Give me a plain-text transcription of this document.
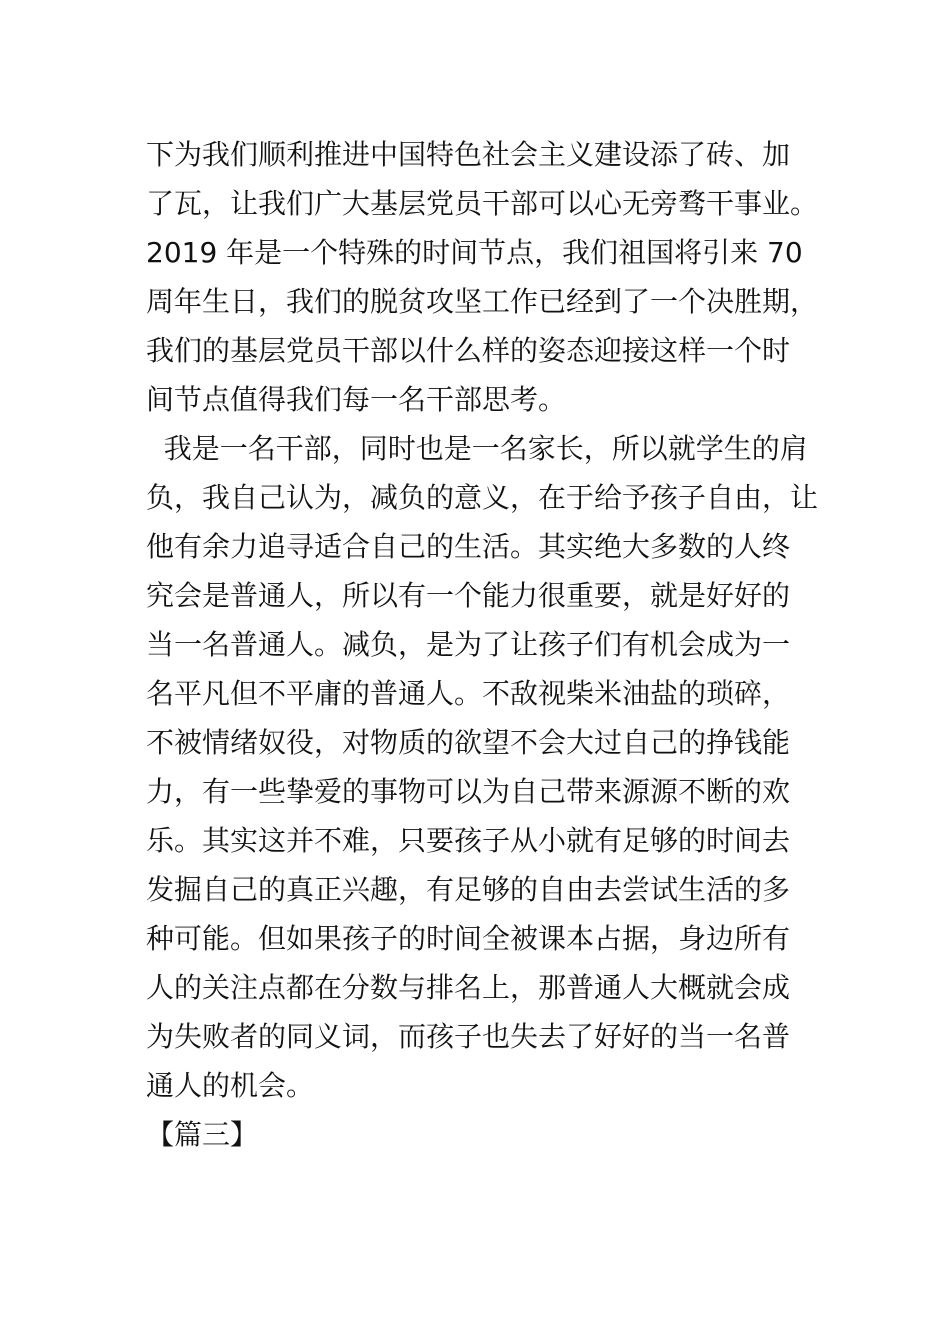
下为我们顺利推进中国特色社会主义建设添了砖、加
了瓦，让我们广大基层党员干部可以心无旁骛干事业。
2019 年是一个特殊的时间节点，我们祖国将引来 70
周年生日，我们的脱贫攻坚工作已经到了一个决胜期，
我们的基层党员干部以什么样的姿态迎接这样一个时
间节点值得我们每一名干部思考。
我是一名干部，同时也是一名家长，所以就学生的肩
负，我自己认为，减负的意义，在于给予孩子自由，让
他有余力追寻适合自己的生活。其实绝大多数的人终
究会是普通人，所以有一个能力很重要，就是好好的
当一名普通人。减负，是为了让孩子们有机会成为一
名平凡但不平庸的普通人。不敌视柴米油盐的琐碎，
不被情绪奴役，对物质的欲望不会大过自己的挣钱能
力，有一些挚爱的事物可以为自己带来源源不断的欢
乐。其实这并不难，只要孩子从小就有足够的时间去
发掘自己的真正兴趣，有足够的自由去尝试生活的多
种可能。但如果孩子的时间全被课本占据，身边所有
人的关注点都在分数与排名上，那普通人大概就会成
为失败者的同义词，而孩子也失去了好好的当一名普
通人的机会。
【篇三】
